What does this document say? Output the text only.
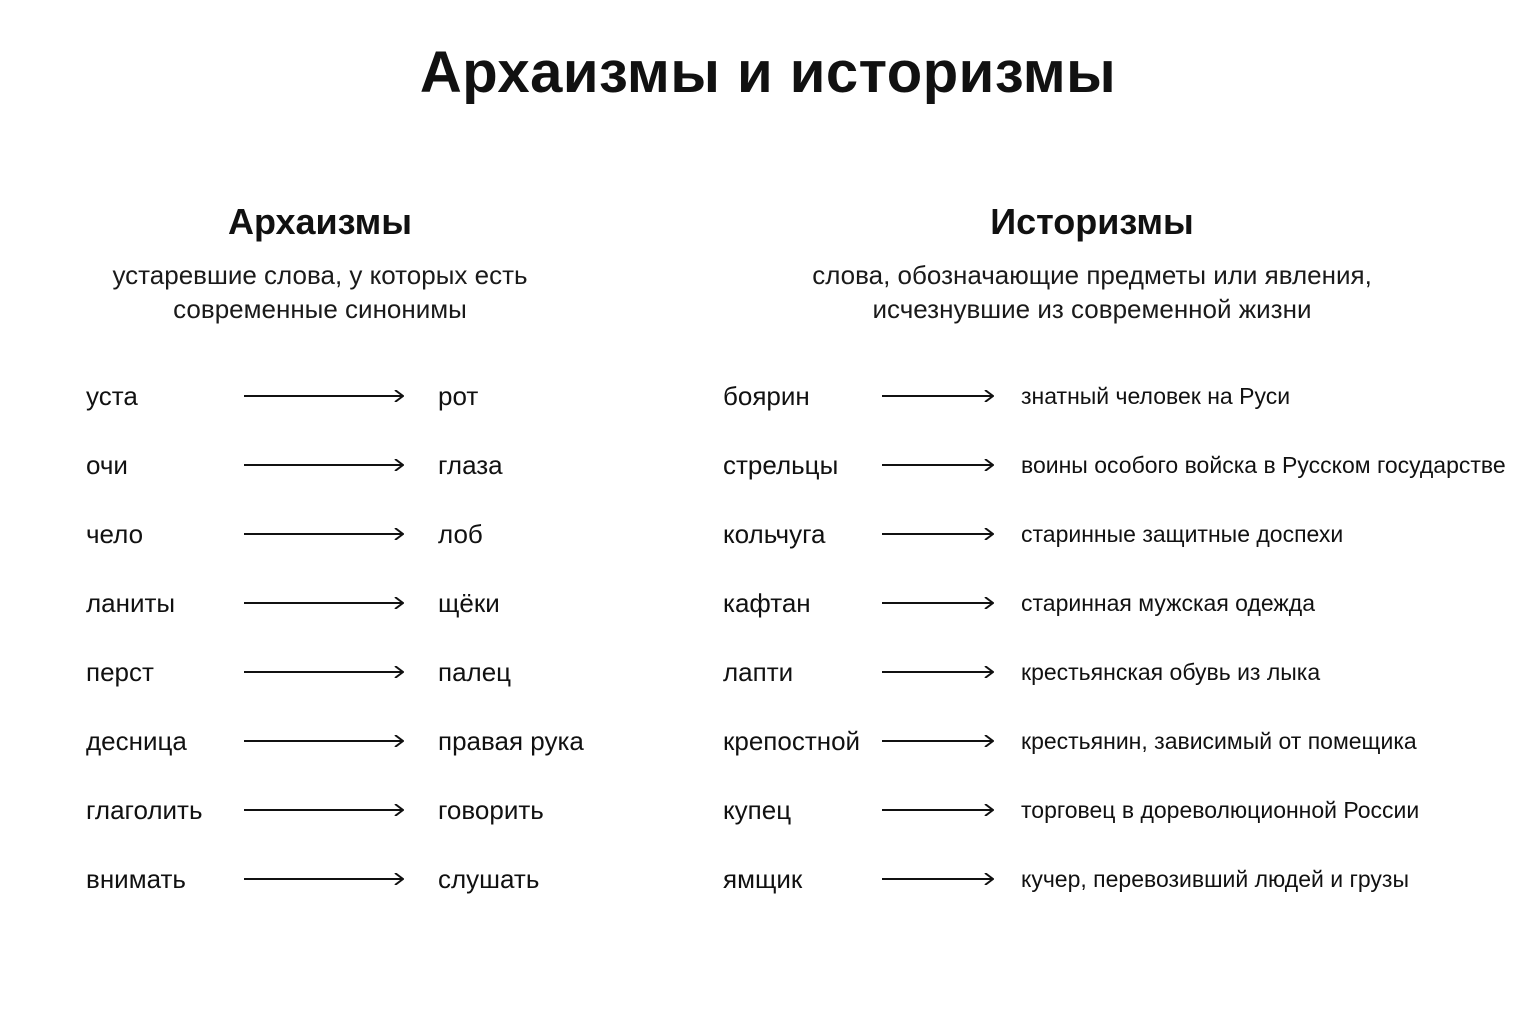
Архаизмы и историзмы
Архаизмы
устаревшие слова, у которых есть
современные синонимы
Историзмы
слова, обозначающие предметы или явления,
исчезнувшие из современной жизни
уста	рот
очи	глаза
чело	лоб
ланиты	щёки
перст	палец
десница	правая рука
глаголить	говорить
внимать	слушать
боярин	знатный человек на Руси
стрельцы	воины особого войска в Русском государстве
кольчуга	старинные защитные доспехи
кафтан	старинная мужская одежда
лапти	крестьянская обувь из лыка
крепостной	крестьянин, зависимый от помещика
купец	торговец в дореволюционной России
ямщик	кучер, перевозивший людей и грузы
